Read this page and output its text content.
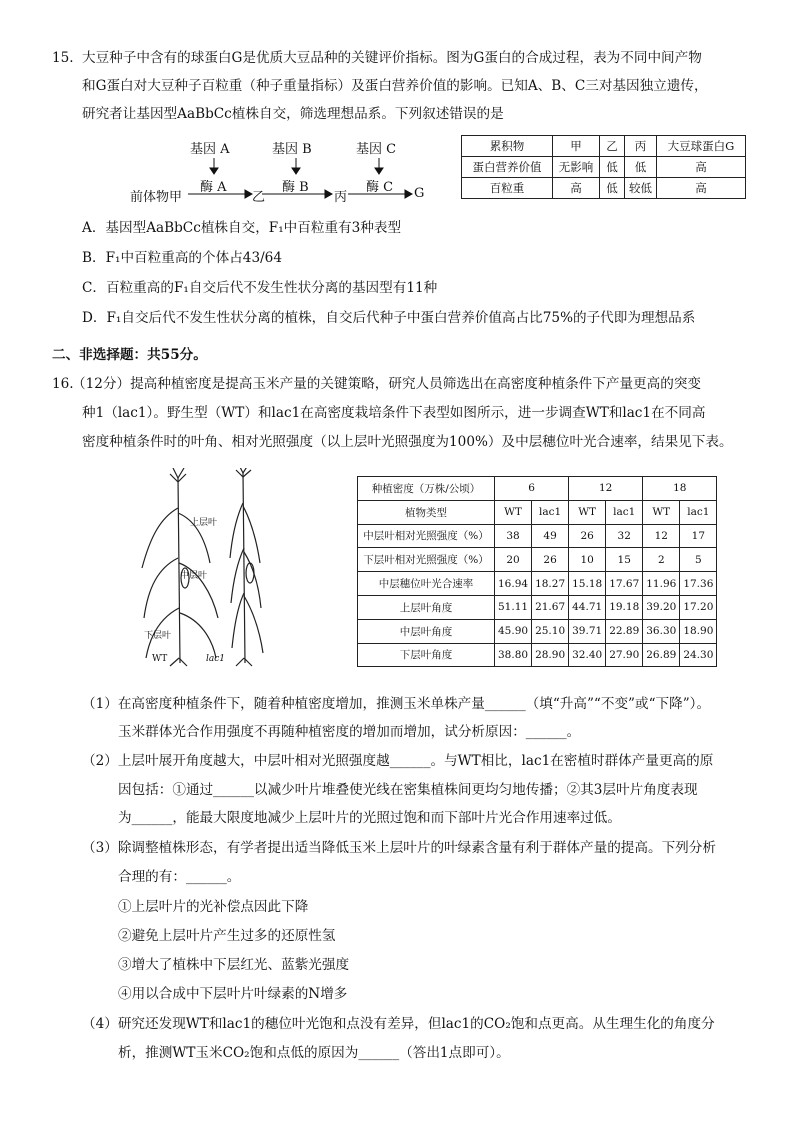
15. 大豆种子中含有的球蛋白G是优质大豆品种的关键评价指标。图为G蛋白的合成过程，表为不同中间产物
和G蛋白对大豆种子百粒重（种子重量指标）及蛋白营养价值的影响。已知A、B、C三对基因独立遗传，
研究者让基因型AaBbCc植株自交，筛选理想品系。下列叙述错误的是
基因 A	基因 B	基因 C
酶 A	酶 B	酶 C
前体物甲	乙	丙	G
累积物	甲	乙	丙	大豆球蛋白G
蛋白营养价值	无影响	低	低	高
百粒重	高	低	较低	高
A．基因型AaBbCc植株自交，F₁中百粒重有3种表型
B．F₁中百粒重高的个体占43/64
C．百粒重高的F₁自交后代不发生性状分离的基因型有11种
D．F₁自交后代不发生性状分离的植株，自交后代种子中蛋白营养价值高占比75%的子代即为理想品系
二、非选择题：共55分。
16.
（12分）提高种植密度是提高玉米产量的关键策略，研究人员筛选出在高密度种植条件下产量更高的突变
种1（lac1）。野生型（WT）和lac1在高密度栽培条件下表型如图所示，进一步调查WT和lac1在不同高
密度种植条件时的叶角、相对光照强度（以上层叶光照强度为100%）及中层穗位叶光合速率，结果见下表。
上层叶
中层叶
下层叶
WT	lac1
种植密度（万株/公顷）	6		12		18	
植物类型	WT	lac1	WT	lac1	WT	lac1
中层叶相对光照强度（%）	38	49	26	32	12	17
下层叶相对光照强度（%）	20	26	10	15	2	5
中层穗位叶光合速率	16.94	18.27	15.18	17.67	11.96	17.36
上层叶角度	51.11	21.67	44.71	19.18	39.20	17.20
中层叶角度	45.90	25.10	39.71	22.89	36.30	18.90
下层叶角度	38.80	28.90	32.40	27.90	26.89	24.30
（1）在高密度种植条件下，随着种植密度增加，推测玉米单株产量______（填“升高”“不变”或“下降”）。
玉米群体光合作用强度不再随种植密度的增加而增加，试分析原因：______。
（2）上层叶展开角度越大，中层叶相对光照强度越______。与WT相比，lac1在密植时群体产量更高的原
因包括：①通过______以减少叶片堆叠使光线在密集植株间更均匀地传播；②其3层叶片角度表现
为______，能最大限度地减少上层叶片的光照过饱和而下部叶片光合作用速率过低。
（3）除调整植株形态，有学者提出适当降低玉米上层叶片的叶绿素含量有利于群体产量的提高。下列分析
合理的有：______。
①上层叶片的光补偿点因此下降
②避免上层叶片产生过多的还原性氢
③增大了植株中下层红光、蓝紫光强度
④用以合成中下层叶片叶绿素的N增多
（4）研究还发现WT和lac1的穗位叶光饱和点没有差异，但lac1的CO₂饱和点更高。从生理生化的角度分
析，推测WT玉米CO₂饱和点低的原因为______（答出1点即可）。
